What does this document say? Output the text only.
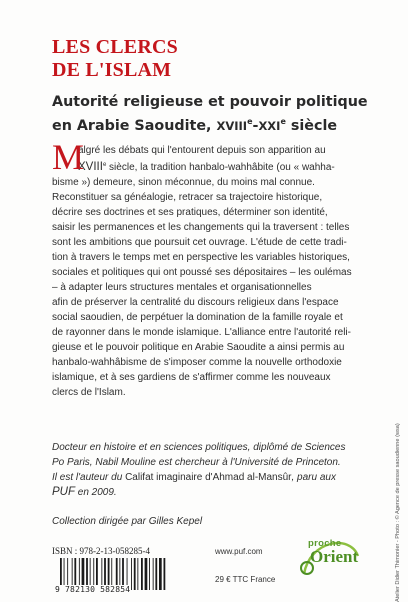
LES CLERCS
DE L'ISLAM
Autorité religieuse et pouvoir politique
en Arabie Saoudite, XVIIIe-XXIe siècle
M
algré les débats qui l'entourent depuis son apparition au
XVIIIe siècle, la tradition hanbalo-wahhâbite (ou « wahha-
bisme ») demeure, sinon méconnue, du moins mal connue.
Reconstituer sa généalogie, retracer sa trajectoire historique,
décrire ses doctrines et ses pratiques, déterminer son identité,
saisir les permanences et les changements qui la traversent : telles
sont les ambitions que poursuit cet ouvrage. L'étude de cette tradi-
tion à travers le temps met en perspective les variables historiques,
sociales et politiques qui ont poussé ses dépositaires – les oulémas
– à adapter leurs structures mentales et organisationnelles
afin de préserver la centralité du discours religieux dans l'espace
social saoudien, de perpétuer la domination de la famille royale et
de rayonner dans le monde islamique. L'alliance entre l'autorité reli-
gieuse et le pouvoir politique en Arabie Saoudite a ainsi permis au
hanbalo-wahhâbisme de s'imposer comme la nouvelle orthodoxie
islamique, et à ses gardiens de s'affirmer comme les nouveaux
clercs de l'Islam.
Docteur en histoire et en sciences politiques, diplômé de Sciences
Po Paris, Nabil Mouline est chercheur à l'Université de Princeton.
Il est l'auteur du Califat imaginaire d'Ahmad al-Mansûr, paru aux
PUF en 2009.
Collection dirigée par Gilles Kepel
ISBN : 978-2-13-058285-4
9 782130 582854
www.puf.com
29 € TTC France
proche
Orient	Atelier Didier Thimonier - Photo : © Agence de presse saoudienne (wsa)
